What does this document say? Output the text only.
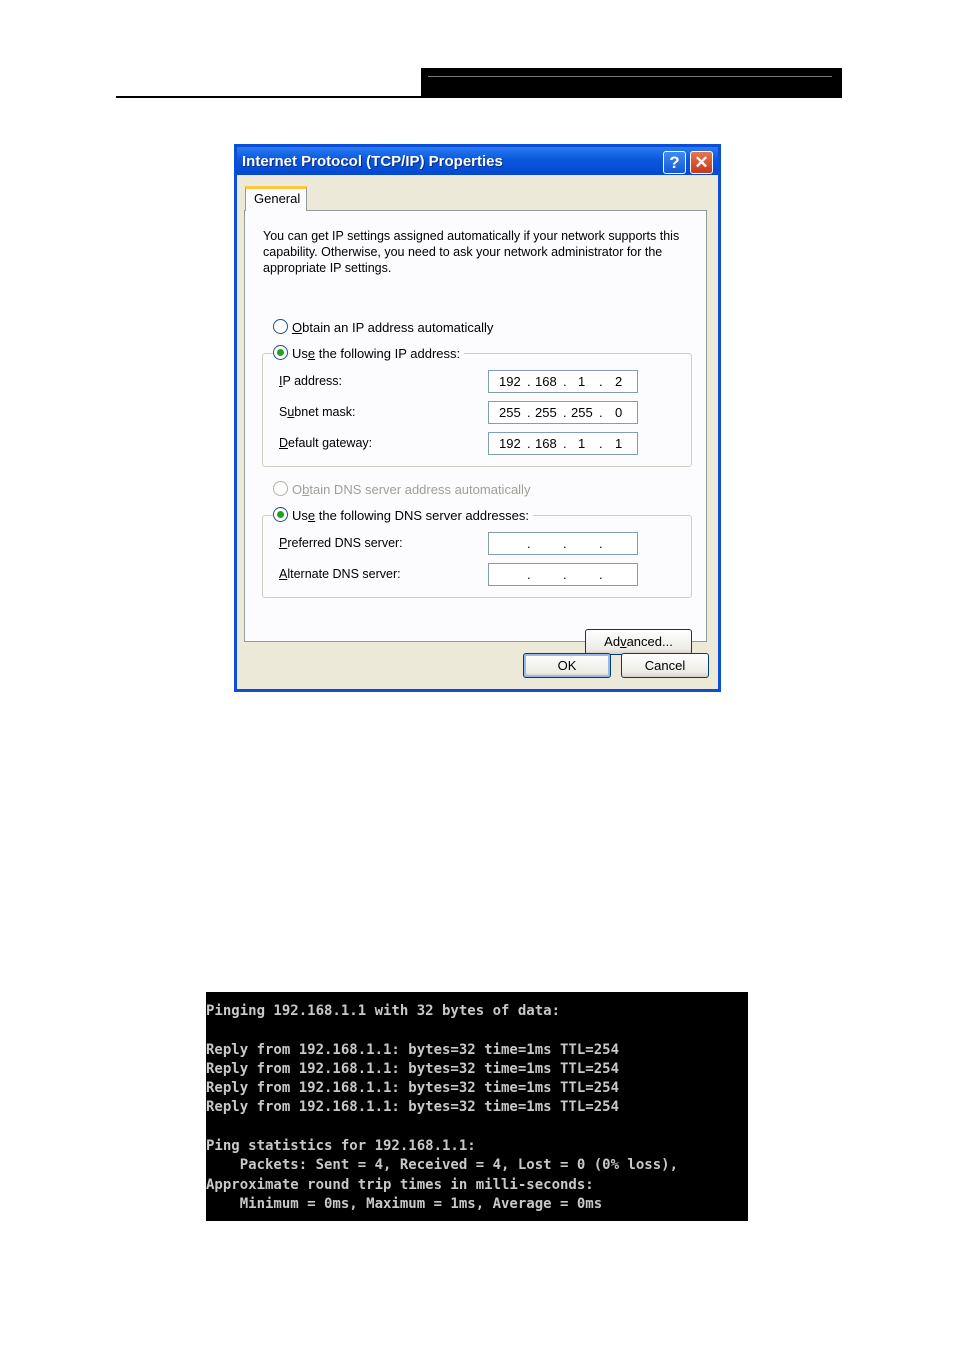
Internet Protocol (TCP/IP) Properties	? ✕
General
You can get IP settings assigned automatically if your network supports this capability. Otherwise, you need to ask your network administrator for the appropriate IP settings.
Obtain an IP address automatically
IP address:	192 . 168 . 1 . 2
Subnet mask:	255 . 255 . 255 . 0
Default gateway:	192 . 168 . 1 . 1
Use the following IP address:
Obtain DNS server address automatically
Preferred DNS server:	. . .
Alternate DNS server:	. . .
Use the following DNS server addresses:
Advanced...
OK	Cancel
Pinging 192.168.1.1 with 32 bytes of data:
Reply from 192.168.1.1: bytes=32 time=1ms TTL=254
Reply from 192.168.1.1: bytes=32 time=1ms TTL=254
Reply from 192.168.1.1: bytes=32 time=1ms TTL=254
Reply from 192.168.1.1: bytes=32 time=1ms TTL=254
Ping statistics for 192.168.1.1:
Packets: Sent = 4, Received = 4, Lost = 0 (0% loss),
Approximate round trip times in milli-seconds:
Minimum = 0ms, Maximum = 1ms, Average = 0ms
